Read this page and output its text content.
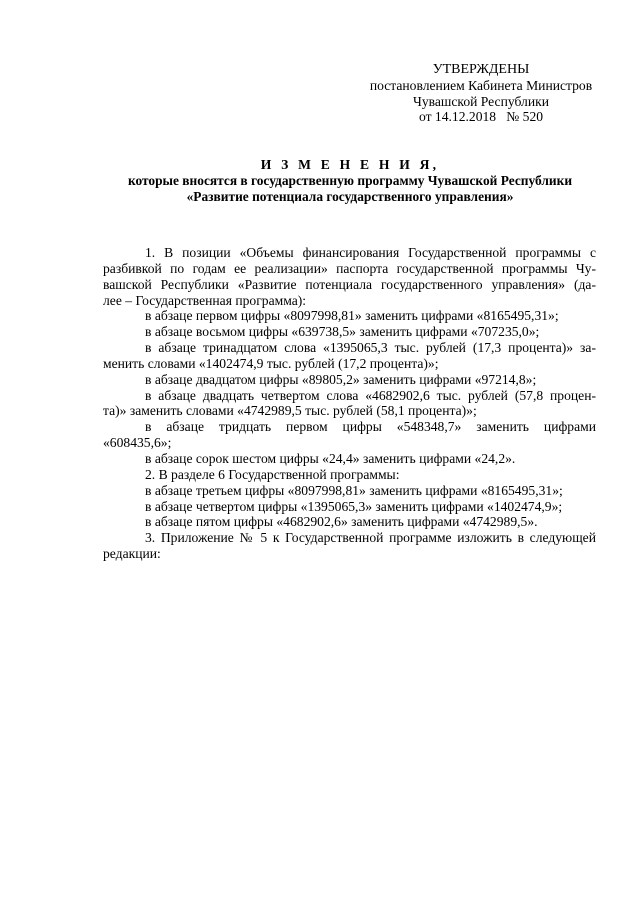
УТВЕРЖДЕНЫ
постановлением Кабинета Министров
Чувашской Республики
от 14.12.2018   № 520
И З М Е Н Е Н И Я,
которые вносятся в государственную программу Чувашской Республики
«Развитие потенциала государственного управления»
1. В позиции «Объемы финансирования Государственной программы с
разбивкой по годам ее реализации» паспорта государственной программы Чу-
вашской Республики «Развитие потенциала государственного управления» (да-
лее – Государственная программа):
в абзаце первом цифры «8097998,81» заменить цифрами «8165495,31»;
в абзаце восьмом цифры «639738,5» заменить цифрами «707235,0»;
в абзаце тринадцатом слова «1395065,3 тыс. рублей (17,3 процента)» за-
менить словами «1402474,9 тыс. рублей (17,2 процента)»;
в абзаце двадцатом цифры «89805,2» заменить цифрами «97214,8»;
в абзаце двадцать четвертом слова «4682902,6 тыс. рублей (57,8 процен-
та)» заменить словами «4742989,5 тыс. рублей (58,1 процента)»;
в абзаце тридцать первом цифры «548348,7» заменить цифрами
«608435,6»;
в абзаце сорок шестом цифры «24,4» заменить цифрами «24,2».
2. В разделе 6 Государственной программы:
в абзаце третьем цифры «8097998,81» заменить цифрами «8165495,31»;
в абзаце четвертом цифры «1395065,3» заменить цифрами «1402474,9»;
в абзаце пятом цифры «4682902,6» заменить цифрами «4742989,5».
3. Приложение № 5 к Государственной программе изложить в следующей
редакции:
